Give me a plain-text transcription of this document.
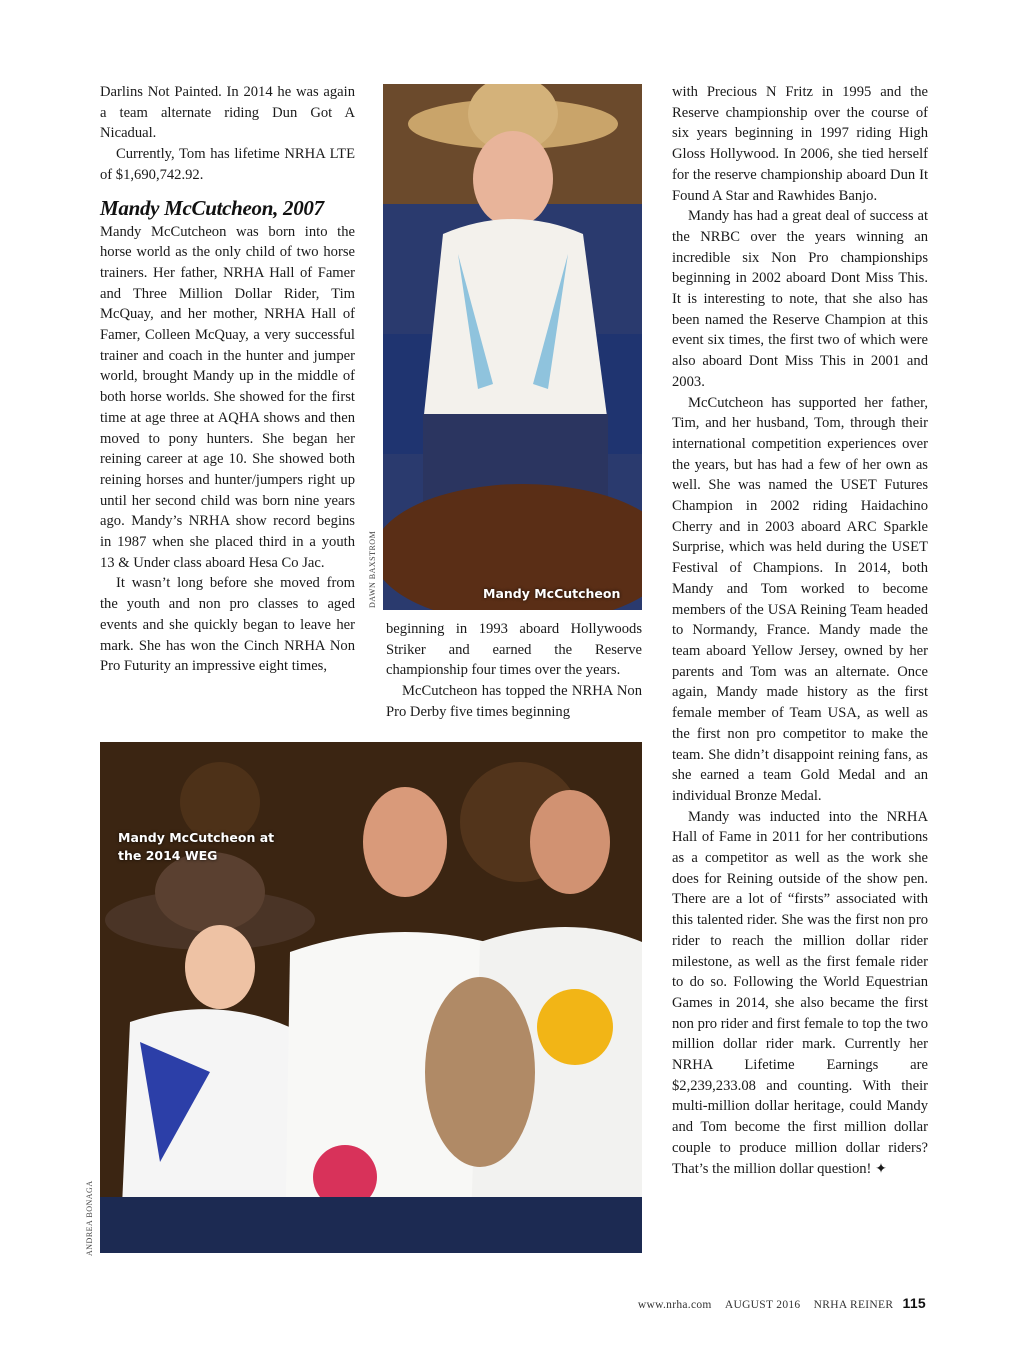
Darlins Not Painted. In 2014 he was again a team alternate riding Dun Got A Nicadual.

Currently, Tom has lifetime NRHA LTE of $1,690,742.92.

Mandy McCutcheon, 2007

Mandy McCutcheon was born into the horse world as the only child of two horse trainers. Her father, NRHA Hall of Famer and Three Million Dollar Rider, Tim McQuay, and her mother, NRHA Hall of Famer, Colleen McQuay, a very successful trainer and coach in the hunter and jumper world, brought Mandy up in the middle of both horse worlds. She showed for the first time at age three at AQHA shows and then moved to pony hunters. She began her reining career at age 10. She showed both reining horses and hunter/jumpers right up until her second child was born nine years ago. Mandy’s NRHA show record begins in 1987 when she placed third in a youth 13 & Under class aboard Hesa Co Jac.

It wasn’t long before she moved from the youth and non pro classes to aged events and she quickly began to leave her mark. She has won the Cinch NRHA Non Pro Futurity an impressive eight times,

Mandy McCutcheon
DAWN BAXSTROM

beginning in 1993 aboard Hollywoods Striker and earned the Reserve championship four times over the years.

McCutcheon has topped the NRHA Non Pro Derby five times beginning

with Precious N Fritz in 1995 and the Reserve championship over the course of six years beginning in 1997 riding High Gloss Hollywood. In 2006, she tied herself for the reserve championship aboard Dun It Found A Star and Rawhides Banjo.

Mandy has had a great deal of success at the NRBC over the years winning an incredible six Non Pro championships beginning in 2002 aboard Dont Miss This. It is interesting to note, that she also has been named the Reserve Champion at this event six times, the first two of which were also aboard Dont Miss This in 2001 and 2003.

McCutcheon has supported her father, Tim, and her husband, Tom, through their international competition experiences over the years, but has had a few of her own as well. She was named the USET Futures Champion in 2002 riding Haidachino Cherry and in 2003 aboard ARC Sparkle Surprise, which was held during the USET Festival of Champions. In 2014, both Mandy and Tom worked to become members of the USA Reining Team headed to Normandy, France. Mandy made the team aboard Yellow Jersey, owned by her parents and Tom was an alternate. Once again, Mandy made history as the first female member of Team USA, as well as the first non pro competitor to make the team. She didn’t disappoint reining fans, as she earned a team Gold Medal and an individual Bronze Medal.

Mandy was inducted into the NRHA Hall of Fame in 2011 for her contributions as a competitor as well as the work she does for Reining outside of the show pen. There are a lot of “firsts” associated with this talented rider. She was the first non pro rider to reach the million dollar rider milestone, as well as the first female rider to do so. Following the World Equestrian Games in 2014, she also became the first non pro rider and first female to top the two million dollar rider mark. Currently her NRHA Lifetime Earnings are $2,239,233.08 and counting. With their multi-million dollar heritage, could Mandy and Tom become the first million dollar couple to produce million dollar riders? That’s the million dollar question! ✦

Mandy McCutcheon at the 2014 WEG
ANDREA BONAGA
www.nrha.com AUGUST 2016 NRHA REINER 115
